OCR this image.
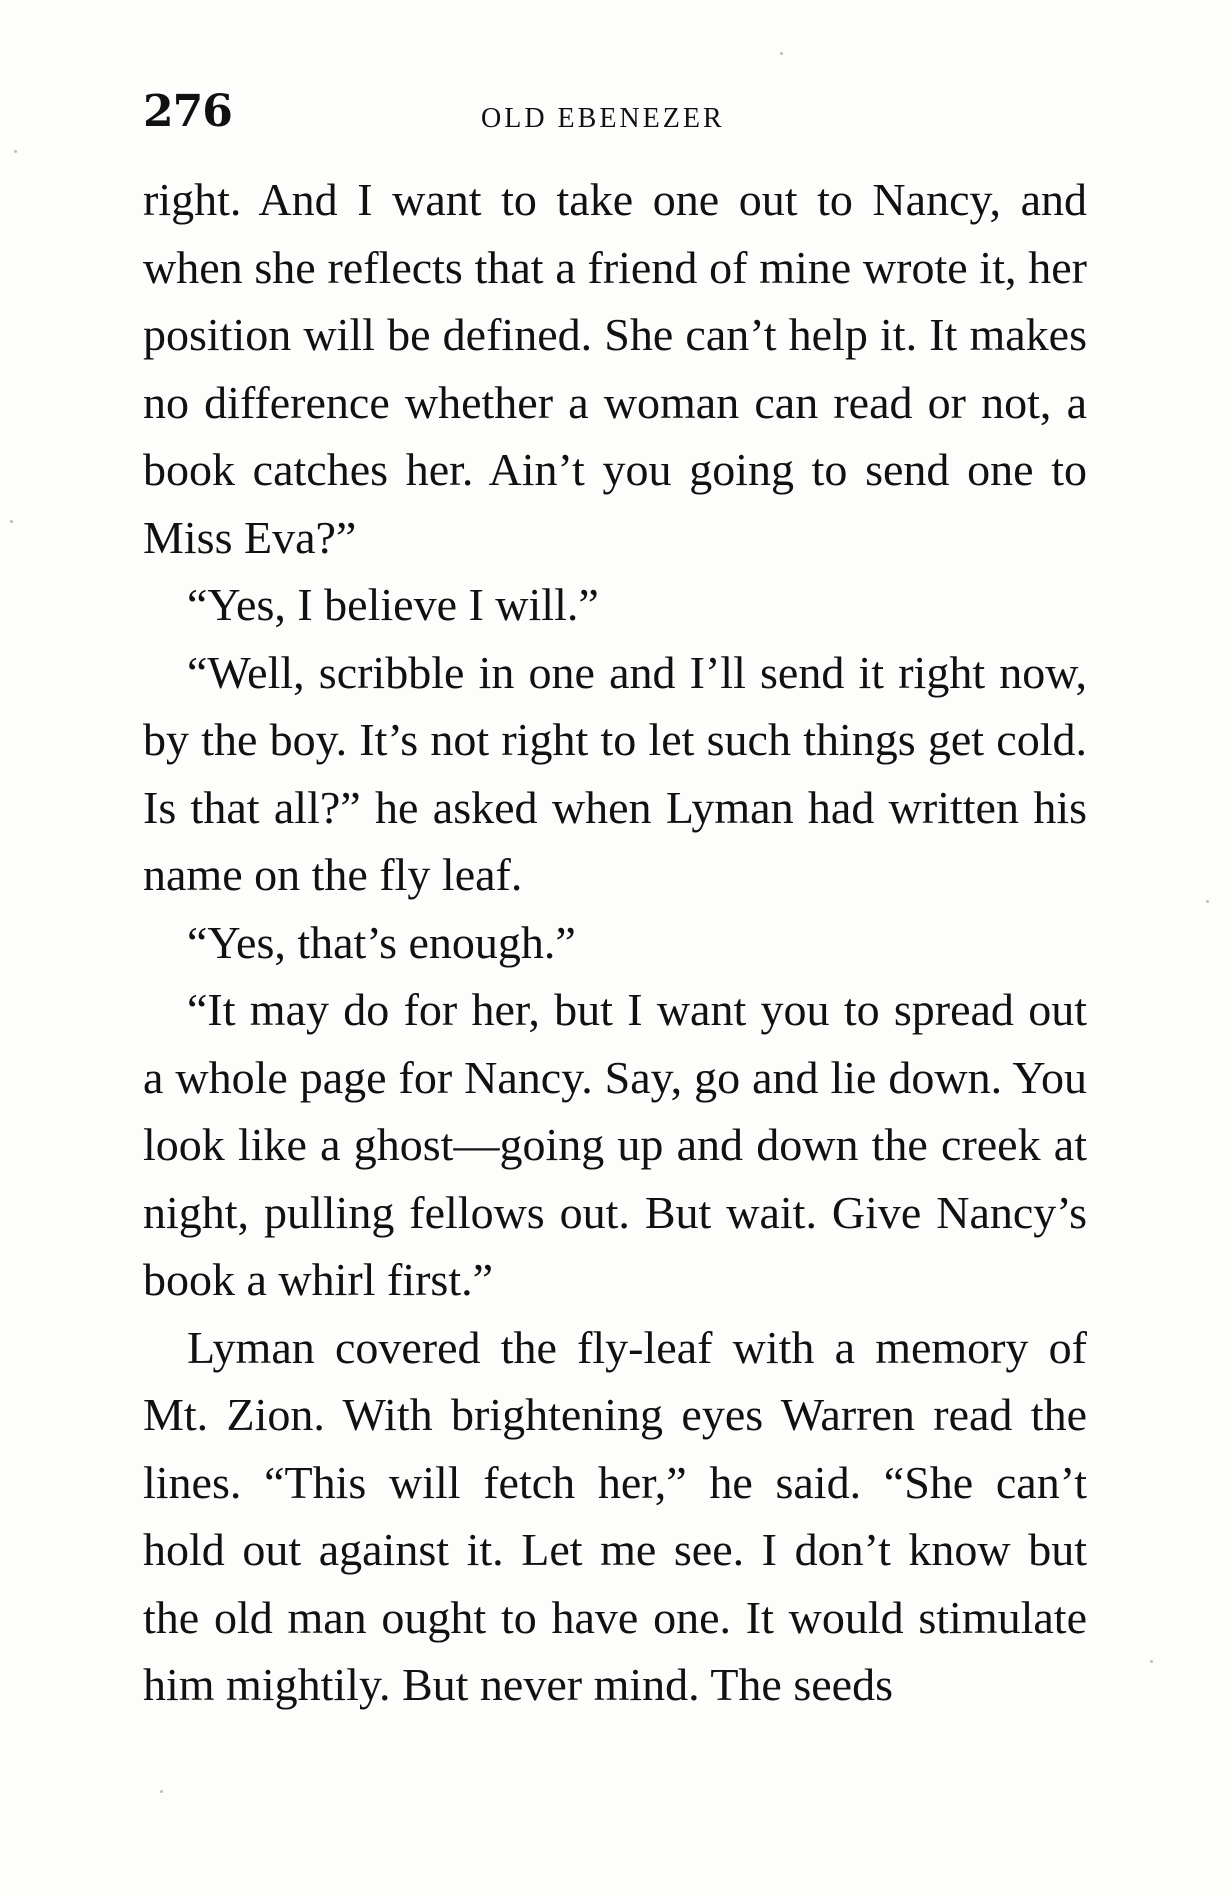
276	OLD EBENEZER

right. And I want to take one out to Nancy, and when she reflects that a friend of mine wrote it, her position will be defined. She can’t help it. It makes no difference whether a woman can read or not, a book catches her. Ain’t you going to send one to Miss Eva?”

“Yes, I believe I will.”

“Well, scribble in one and I’ll send it right now, by the boy. It’s not right to let such things get cold. Is that all?” he asked when Lyman had written his name on the fly leaf.

“Yes, that’s enough.”

“It may do for her, but I want you to spread out a whole page for Nancy. Say, go and lie down. You look like a ghost—going up and down the creek at night, pulling fellows out. But wait. Give Nancy’s book a whirl first.”

Lyman covered the fly-leaf with a memory of Mt. Zion. With brightening eyes Warren read the lines. “This will fetch her,” he said. “She can’t hold out against it. Let me see. I don’t know but the old man ought to have one. It would stimulate him mightily. But never mind. The seeds
